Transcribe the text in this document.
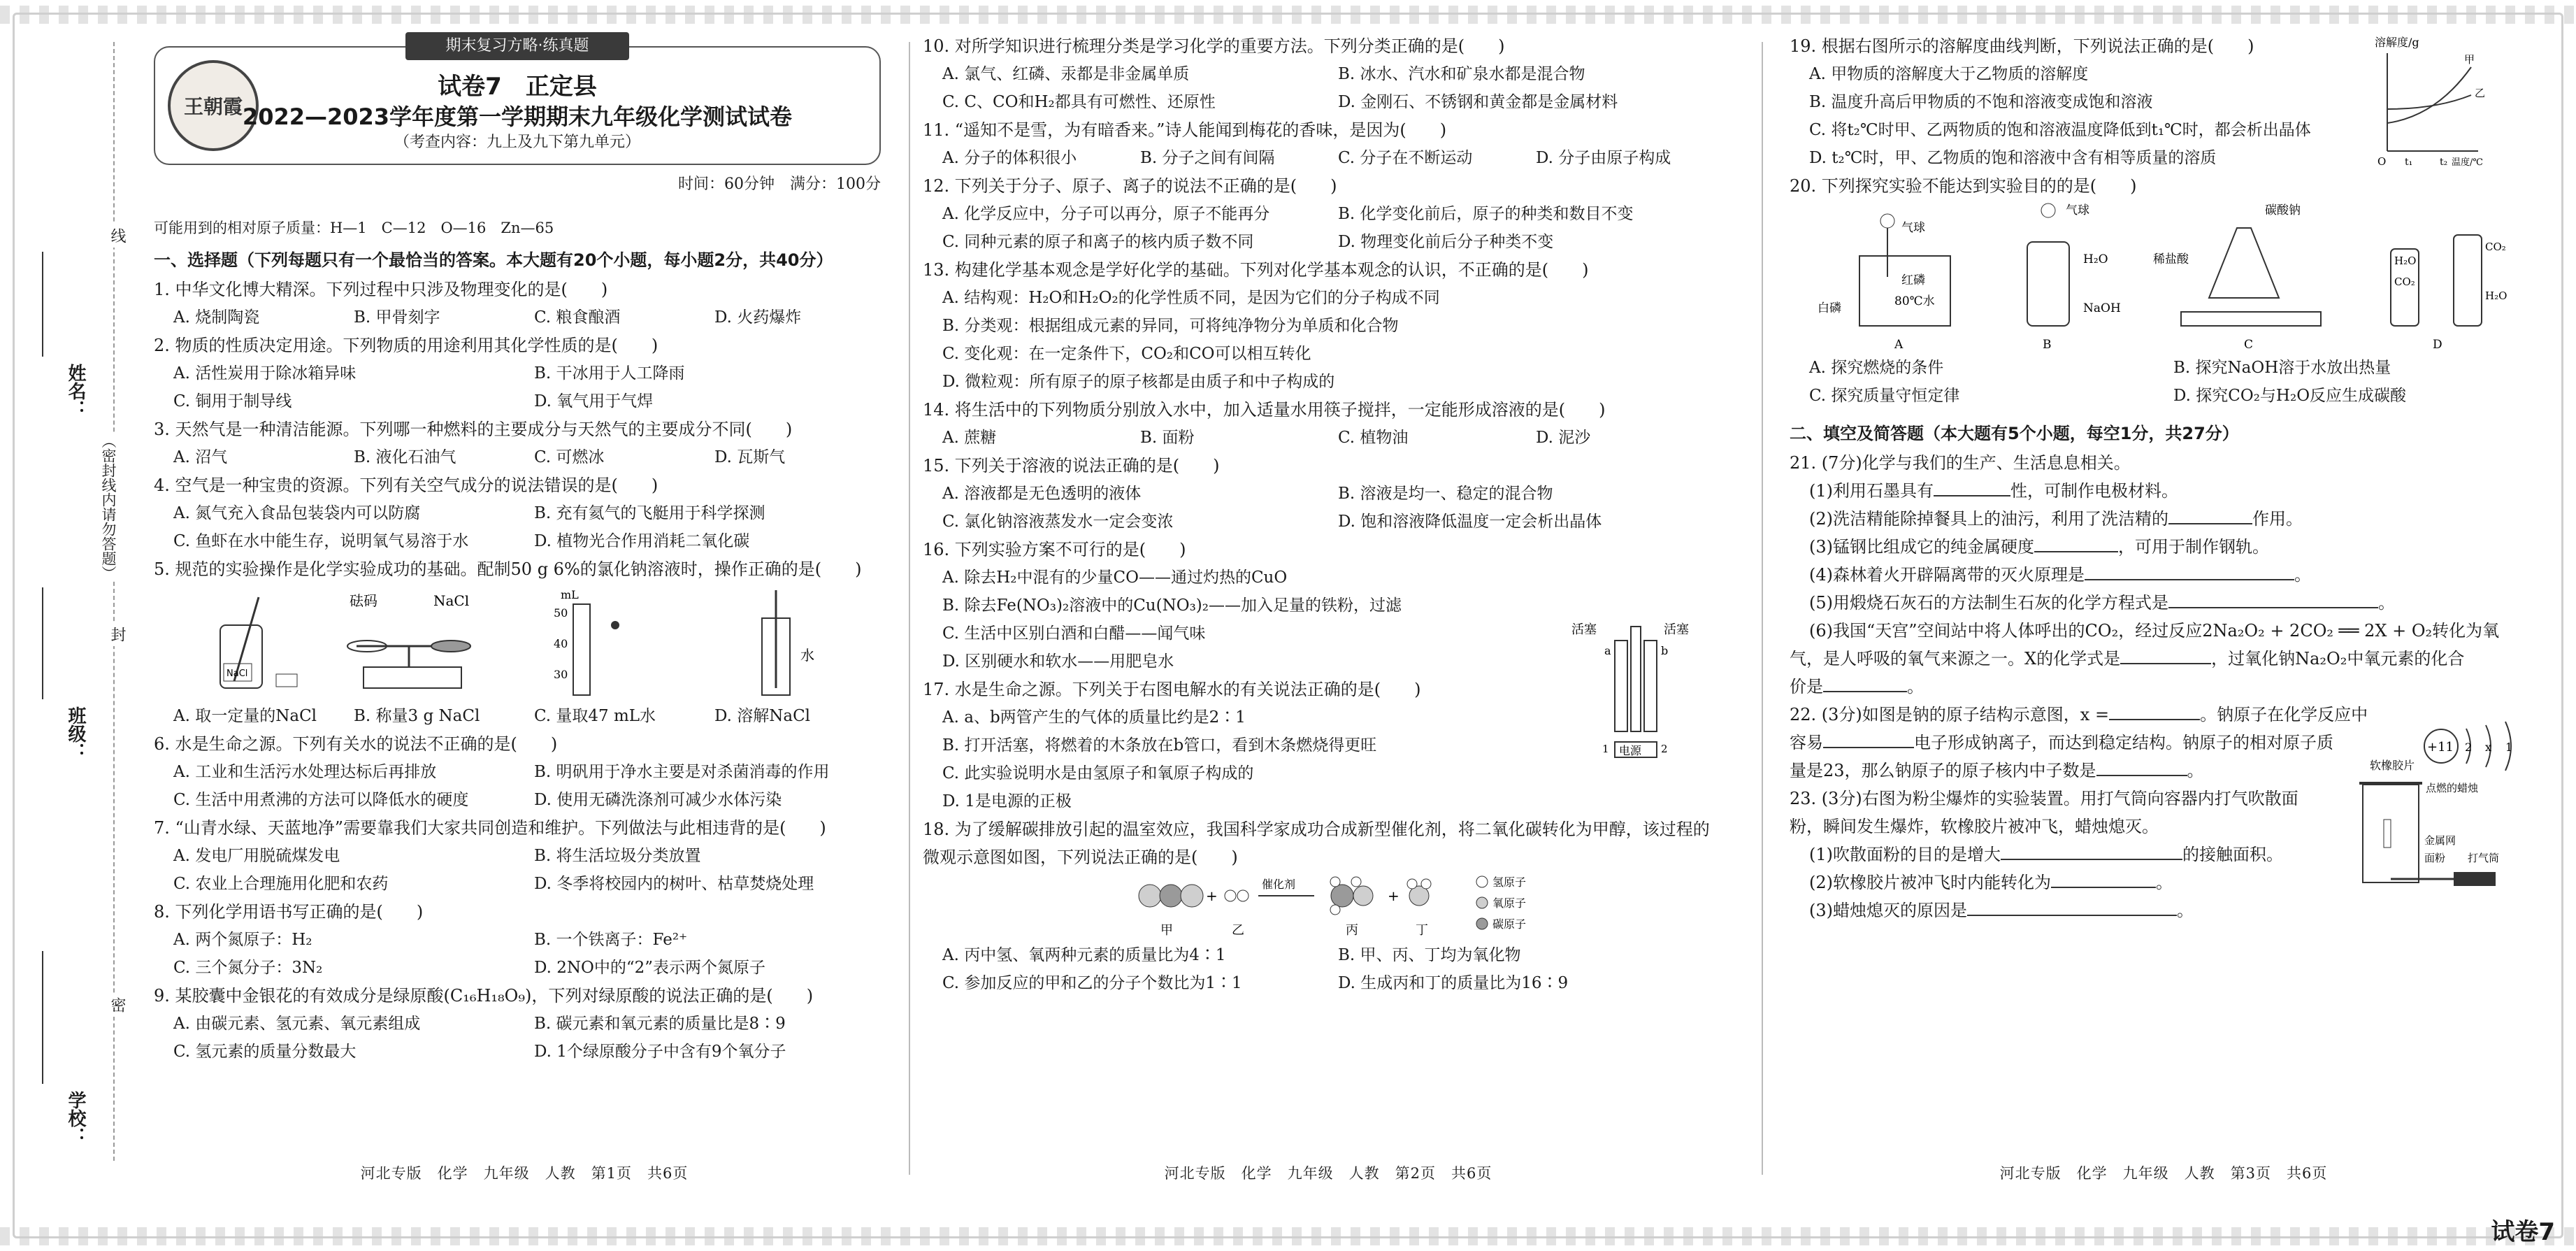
姓名：
班级：
学校：
线
（密封线内请勿答题）
封
密
期末复习方略·练真题
王朝霞
试卷7　正定县
2022—2023学年度第一学期期末九年级化学测试试卷
（考查内容：九上及九下第九单元）
时间：60分钟　满分：100分
可能用到的相对原子质量：H—1　C—12　O—16　Zn—65
一、选择题（下列每题只有一个最恰当的答案。本大题有20个小题，每小题2分，共40分）
1. 中华文化博大精深。下列过程中只涉及物理变化的是(　　)
A. 烧制陶瓷	B. 甲骨刻字	C. 粮食酿酒	D. 火药爆炸
2. 物质的性质决定用途。下列物质的用途利用其化学性质的是(　　)
A. 活性炭用于除冰箱异味	B. 干冰用于人工降雨
C. 铜用于制导线	D. 氧气用于气焊
3. 天然气是一种清洁能源。下列哪一种燃料的主要成分与天然气的主要成分不同(　　)
A. 沼气	B. 液化石油气	C. 可燃冰	D. 瓦斯气
4. 空气是一种宝贵的资源。下列有关空气成分的说法错误的是(　　)
A. 氮气充入食品包装袋内可以防腐	B. 充有氦气的飞艇用于科学探测
C. 鱼虾在水中能生存，说明氧气易溶于水	D. 植物光合作用消耗二氧化碳
5. 规范的实验操作是化学实验成功的基础。配制50 g 6%的氯化钠溶液时，操作正确的是(　　)
NaCl
砝码	NaCl	mL
50
40
30
水
A. 取一定量的NaCl	B. 称量3 g NaCl	C. 量取47 mL水	D. 溶解NaCl
6. 水是生命之源。下列有关水的说法不正确的是(　　)
A. 工业和生活污水处理达标后再排放	B. 明矾用于净水主要是对杀菌消毒的作用
C. 生活中用煮沸的方法可以降低水的硬度	D. 使用无磷洗涤剂可减少水体污染
7. “山青水绿、天蓝地净”需要靠我们大家共同创造和维护。下列做法与此相违背的是(　　)
A. 发电厂用脱硫煤发电	B. 将生活垃圾分类放置
C. 农业上合理施用化肥和农药	D. 冬季将校园内的树叶、枯草焚烧处理
8. 下列化学用语书写正确的是(　　)
A. 两个氮原子：H₂	B. 一个铁离子：Fe²⁺
C. 三个氮分子：3N₂	D. 2NO中的“2”表示两个氮原子
9. 某胶囊中金银花的有效成分是绿原酸(C₁₆H₁₈O₉)，下列对绿原酸的说法正确的是(　　)
A. 由碳元素、氢元素、氧元素组成	B. 碳元素和氧元素的质量比是8∶9
C. 氢元素的质量分数最大	D. 1个绿原酸分子中含有9个氧分子
河北专版　化学　九年级　人教　第1页　共6页
10. 对所学知识进行梳理分类是学习化学的重要方法。下列分类正确的是(　　)
A. 氯气、红磷、汞都是非金属单质	B. 冰水、汽水和矿泉水都是混合物
C. C、CO和H₂都具有可燃性、还原性	D. 金刚石、不锈钢和黄金都是金属材料
11. “遥知不是雪，为有暗香来。”诗人能闻到梅花的香味，是因为(　　)
A. 分子的体积很小	B. 分子之间有间隔	C. 分子在不断运动	D. 分子由原子构成
12. 下列关于分子、原子、离子的说法不正确的是(　　)
A. 化学反应中，分子可以再分，原子不能再分	B. 化学变化前后，原子的种类和数目不变
C. 同种元素的原子和离子的核内质子数不同	D. 物理变化前后分子种类不变
13. 构建化学基本观念是学好化学的基础。下列对化学基本观念的认识，不正确的是(　　)
A. 结构观：H₂O和H₂O₂的化学性质不同，是因为它们的分子构成不同
B. 分类观：根据组成元素的异同，可将纯净物分为单质和化合物
C. 变化观：在一定条件下，CO₂和CO可以相互转化
D. 微粒观：所有原子的原子核都是由质子和中子构成的
14. 将生活中的下列物质分别放入水中，加入适量水用筷子搅拌，一定能形成溶液的是(　　)
A. 蔗糖	B. 面粉	C. 植物油	D. 泥沙
15. 下列关于溶液的说法正确的是(　　)
A. 溶液都是无色透明的液体	B. 溶液是均一、稳定的混合物
C. 氯化钠溶液蒸发水一定会变浓	D. 饱和溶液降低温度一定会析出晶体
16. 下列实验方案不可行的是(　　)
A. 除去H₂中混有的少量CO——通过灼热的CuO
B. 除去Fe(NO₃)₂溶液中的Cu(NO₃)₂——加入足量的铁粉，过滤
C. 生活中区别白酒和白醋——闻气味
D. 区别硬水和软水——用肥皂水
17. 水是生命之源。下列关于右图电解水的有关说法正确的是(　　)
A. a、b两管产生的气体的质量比约是2∶1
B. 打开活塞，将燃着的木条放在b管口，看到木条燃烧得更旺
C. 此实验说明水是由氢原子和氧原子构成的
D. 1是电源的正极
活塞	活塞
a	b
电源
1	2
18. 为了缓解碳排放引起的温室效应，我国科学家成功合成新型催化剂，将二氧化碳转化为甲醇，该过程的
微观示意图如图，下列说法正确的是(　　)
+
催化剂
+
甲	乙	丙	丁
氢原子
氧原子
碳原子
A. 丙中氢、氧两种元素的质量比为4∶1	B. 甲、丙、丁均为氧化物
C. 参加反应的甲和乙的分子个数比为1∶1	D. 生成丙和丁的质量比为16∶9
河北专版　化学　九年级　人教　第2页　共6页
19. 根据右图所示的溶解度曲线判断，下列说法正确的是(　　)
A. 甲物质的溶解度大于乙物质的溶解度
B. 温度升高后甲物质的不饱和溶液变成饱和溶液
C. 将t₂℃时甲、乙两物质的饱和溶液温度降低到t₁℃时，都会析出晶体
D. t₂℃时，甲、乙物质的饱和溶液中含有相等质量的溶质
溶解度/g
甲
乙
O t₁	t₂ 温度/℃
20. 下列探究实验不能达到实验目的的是(　　)
气球
白磷
红磷
80℃水
A
气球
H₂O
NaOH
B
碳酸钠
稀盐酸
C
H₂O
CO₂
CO₂
H₂O
D
A. 探究燃烧的条件	B. 探究NaOH溶于水放出热量
C. 探究质量守恒定律	D. 探究CO₂与H₂O反应生成碳酸
二、填空及简答题（本大题有5个小题，每空1分，共27分）
21. (7分)化学与我们的生产、生活息息相关。
(1)利用石墨具有	性，可制作电极材料。
(2)洗洁精能除掉餐具上的油污，利用了洗洁精的	作用。
(3)锰钢比组成它的纯金属硬度	，可用于制作钢轨。
(4)森林着火开辟隔离带的灭火原理是	。
(5)用煅烧石灰石的方法制生石灰的化学方程式是	。
(6)我国“天宫”空间站中将人体呼出的CO₂，经过反应2Na₂O₂ + 2CO₂ ══ 2X + O₂转化为氧
气，是人呼吸的氧气来源之一。X的化学式是	，过氧化钠Na₂O₂中氧元素的化合
价是	。
22. (3分)如图是钠的原子结构示意图，x =	。钠原子在化学反应中
容易	电子形成钠离子，而达到稳定结构。钠原子的相对原子质
量是23，那么钠原子的原子核内中子数是	。
+11 2 x 1
23. (3分)右图为粉尘爆炸的实验装置。用打气筒向容器内打气吹散面
粉，瞬间发生爆炸，软橡胶片被冲飞，蜡烛熄灭。
(1)吹散面粉的目的是增大	的接触面积。
(2)软橡胶片被冲飞时内能转化为	。
(3)蜡烛熄灭的原因是	。
软橡胶片
点燃的蜡烛
金属网
面粉 打气筒
河北专版　化学　九年级　人教　第3页　共6页
试卷7
